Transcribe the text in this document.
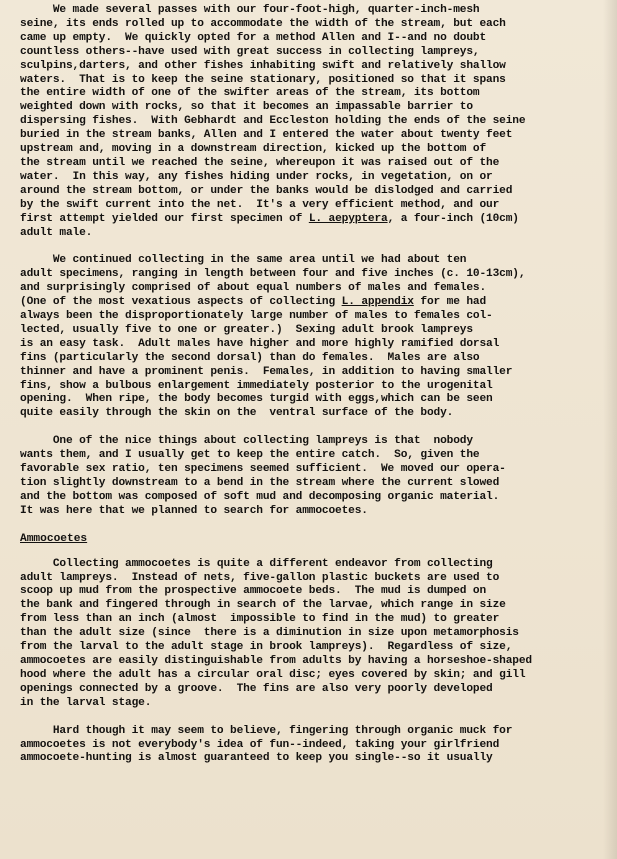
We made several passes with our four-foot-high, quarter-inch-mesh

seine, its ends rolled up to accommodate the width of the stream, but each

came up empty.  We quickly opted for a method Allen and I--and no doubt

countless others--have used with great success in collecting lampreys,

sculpins,darters, and other fishes inhabiting swift and relatively shallow

waters.  That is to keep the seine stationary, positioned so that it spans

the entire width of one of the swifter areas of the stream, its bottom

weighted down with rocks, so that it becomes an impassable barrier to

dispersing fishes.  With Gebhardt and Eccleston holding the ends of the seine

buried in the stream banks, Allen and I entered the water about twenty feet

upstream and, moving in a downstream direction, kicked up the bottom of

the stream until we reached the seine, whereupon it was raised out of the

water.  In this way, any fishes hiding under rocks, in vegetation, on or

around the stream bottom, or under the banks would be dislodged and carried

by the swift current into the net.  It's a very efficient method, and our

first attempt yielded our first specimen of L. aepyptera, a four-inch (10cm)

adult male.

We continued collecting in the same area until we had about ten

adult specimens, ranging in length between four and five inches (c. 10-13cm),

and surprisingly comprised of about equal numbers of males and females.

(One of the most vexatious aspects of collecting L. appendix for me had

always been the disproportionately large number of males to females col-

lected, usually five to one or greater.)  Sexing adult brook lampreys

is an easy task.  Adult males have higher and more highly ramified dorsal

fins (particularly the second dorsal) than do females.  Males are also

thinner and have a prominent penis.  Females, in addition to having smaller

fins, show a bulbous enlargement immediately posterior to the urogenital

opening.  When ripe, the body becomes turgid with eggs,which can be seen

quite easily through the skin on the  ventral surface of the body.

One of the nice things about collecting lampreys is that  nobody

wants them, and I usually get to keep the entire catch.  So, given the

favorable sex ratio, ten specimens seemed sufficient.  We moved our opera-

tion slightly downstream to a bend in the stream where the current slowed

and the bottom was composed of soft mud and decomposing organic material.

It was here that we planned to search for ammocoetes.

Ammocoetes

Collecting ammocoetes is quite a different endeavor from collecting

adult lampreys.  Instead of nets, five-gallon plastic buckets are used to

scoop up mud from the prospective ammocoete beds.  The mud is dumped on

the bank and fingered through in search of the larvae, which range in size

from less than an inch (almost  impossible to find in the mud) to greater

than the adult size (since  there is a diminution in size upon metamorphosis

from the larval to the adult stage in brook lampreys).  Regardless of size,

ammocoetes are easily distinguishable from adults by having a horseshoe-shaped

hood where the adult has a circular oral disc; eyes covered by skin; and gill

openings connected by a groove.  The fins are also very poorly developed

in the larval stage.

Hard though it may seem to believe, fingering through organic muck for

ammocoetes is not everybody's idea of fun--indeed, taking your girlfriend

ammocoete-hunting is almost guaranteed to keep you single--so it usually
